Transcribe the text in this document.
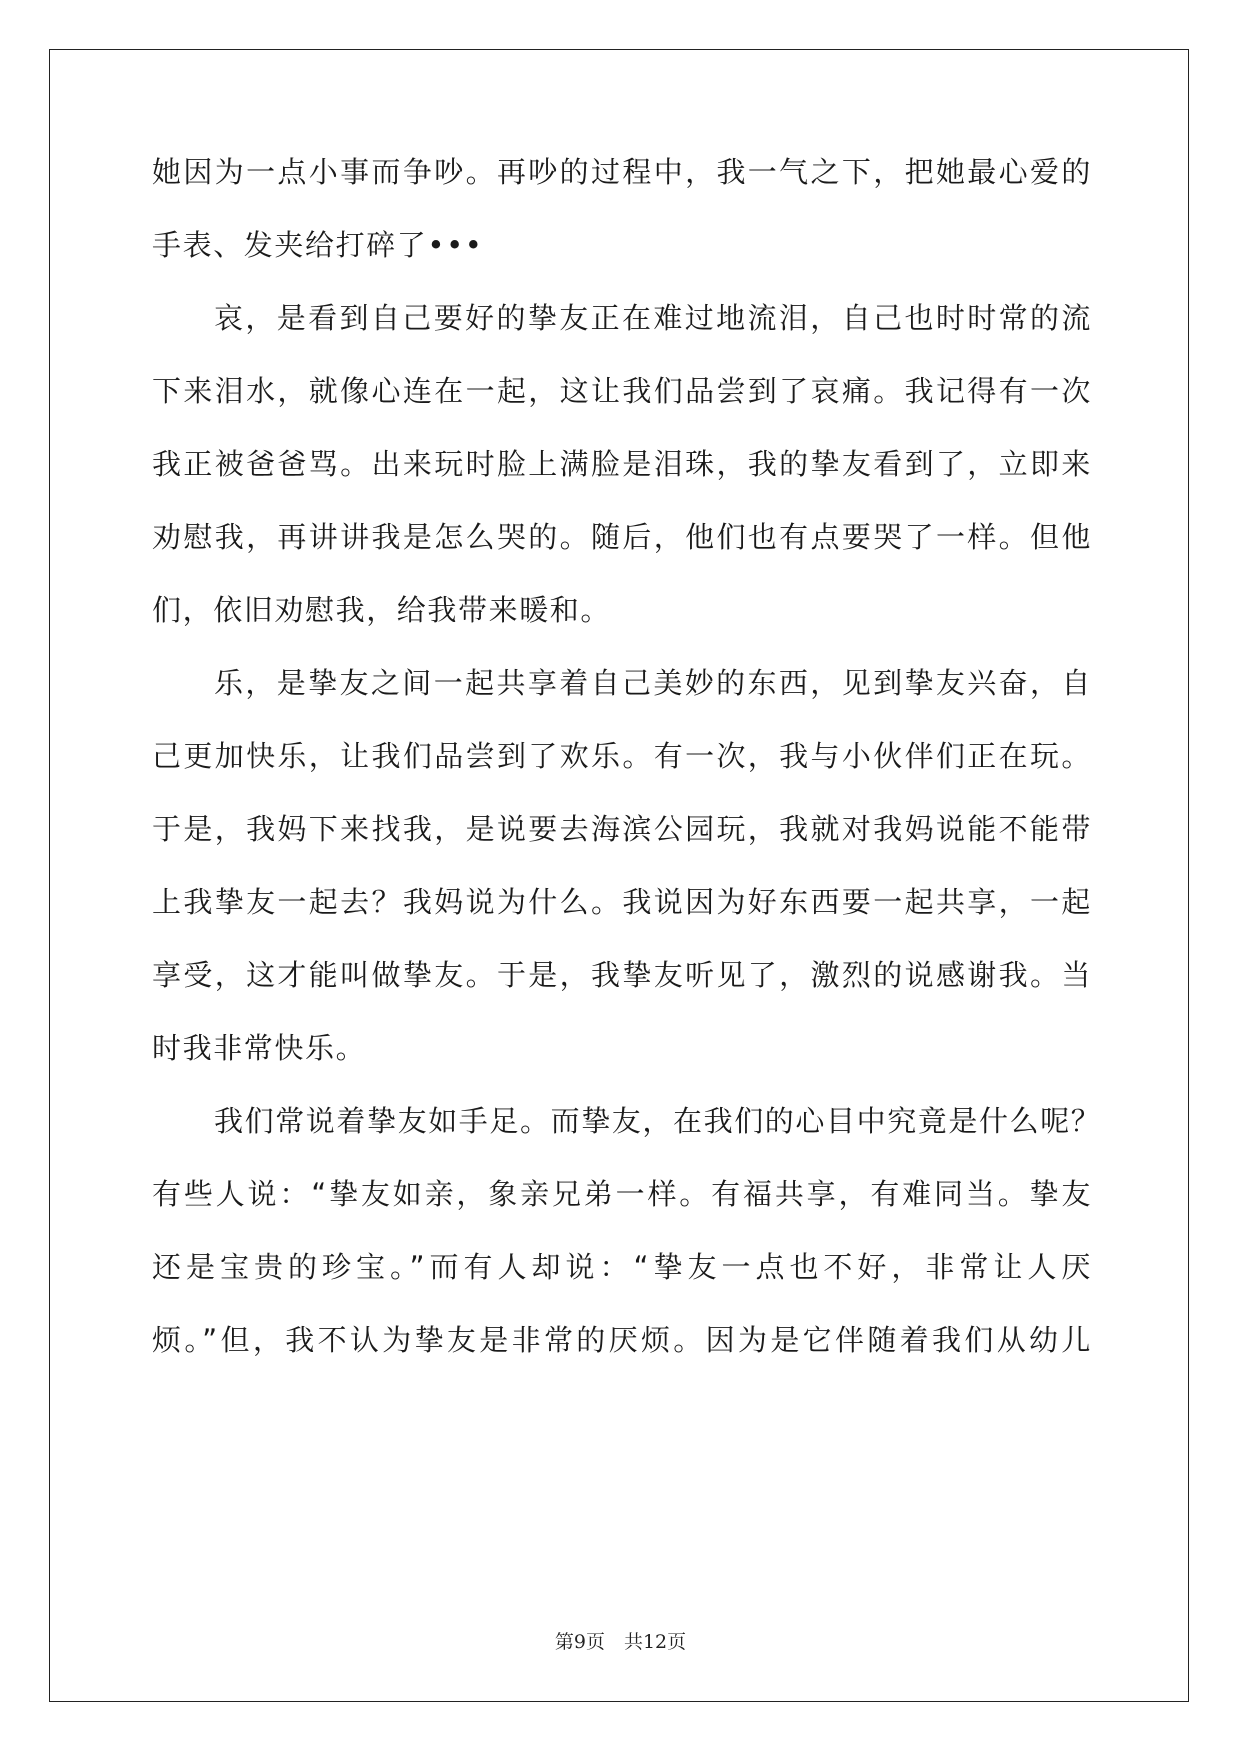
她因为一点小事而争吵。再吵的过程中，我一气之下，把她最心爱的
手表、发夹给打碎了•••
哀，是看到自己要好的挚友正在难过地流泪，自己也时时常的流
下来泪水，就像心连在一起，这让我们品尝到了哀痛。我记得有一次
我正被爸爸骂。出来玩时脸上满脸是泪珠，我的挚友看到了，立即来
劝慰我，再讲讲我是怎么哭的。随后，他们也有点要哭了一样。但他
们，依旧劝慰我，给我带来暖和。
乐，是挚友之间一起共享着自己美妙的东西，见到挚友兴奋，自
己更加快乐，让我们品尝到了欢乐。有一次，我与小伙伴们正在玩。
于是，我妈下来找我，是说要去海滨公园玩，我就对我妈说能不能带
上我挚友一起去？我妈说为什么。我说因为好东西要一起共享，一起
享受，这才能叫做挚友。于是，我挚友听见了，激烈的说感谢我。当
时我非常快乐。
我们常说着挚友如手足。而挚友，在我们的心目中究竟是什么呢？
有些人说：“挚友如亲，象亲兄弟一样。有福共享，有难同当。挚友
还是宝贵的珍宝。”而有人却说：“挚友一点也不好，非常让人厌
烦。”但，我不认为挚友是非常的厌烦。因为是它伴随着我们从幼儿
第9页　共12页
